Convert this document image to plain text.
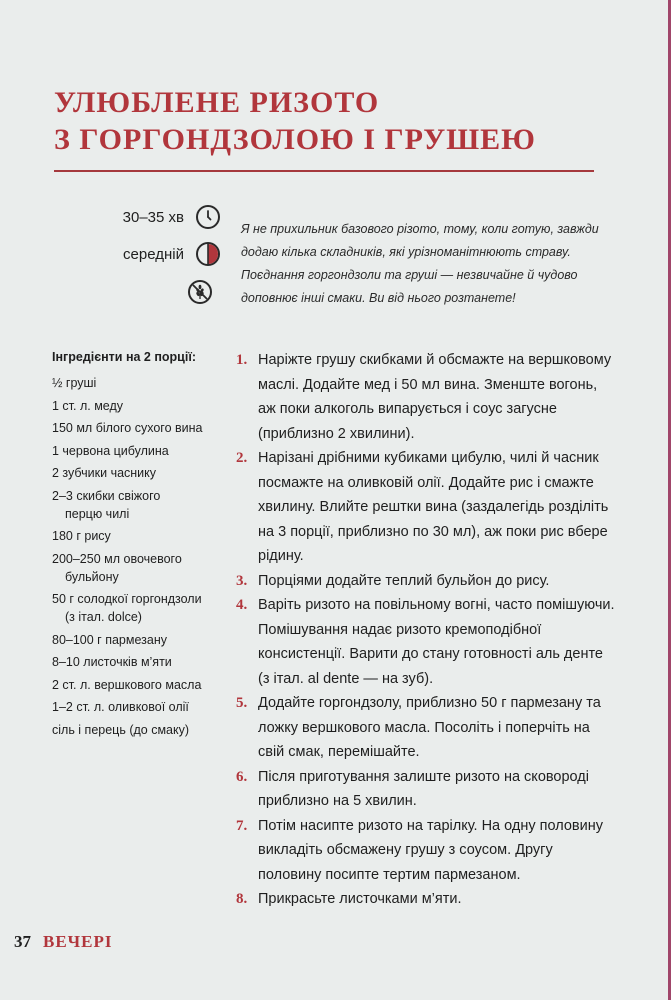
УЛЮБЛЕНЕ РИЗОТО
З ГОРГОНДЗОЛОЮ І ГРУШЕЮ
30–35 хв
середній

Я не прихильник базового різото, тому, коли готую, завжди додаю кілька складників, які урізноманітнюють страву. Поєднання горгондзоли та груші — незвичайне й чудово доповнює інші смаки. Ви від нього розтанете!

Інгредієнти на 2 порції:
½ груші
1 ст. л. меду
150 мл білого сухого вина
1 червона цибулина
2 зубчики часнику
2–3 скибки свіжого
перцю чилі
180 г рису
200–250 мл овочевого
бульйону
50 г солодкої горгондзоли
(з італ. dolce)
80–100 г пармезану
8–10 листочків м’яти
2 ст. л. вершкового масла
1–2 ст. л. оливкової олії
сіль і перець (до смаку)
1. Наріжте грушу скибками й обсмажте на вершковому маслі. Додайте мед і 50 мл вина. Зменште вогонь, аж поки алкоголь випарується і соус загусне (приблизно 2 хвилини).
2. Нарізані дрібними кубиками цибулю, чилі й часник посмажте на оливковій олії. Додайте рис і смажте хвилину. Влийте рештки вина (заздалегідь розділіть на 3 порції, приблизно по 30 мл), аж поки рис вбере рідину.
3. Порціями додайте теплий бульйон до рису.
4. Варіть ризото на повільному вогні, часто помішуючи. Помішування надає ризото кремоподібної консистенції. Варити до стану готовності аль денте (з італ. al dente — на зуб).
5. Додайте горгондзолу, приблизно 50 г пармезану та ложку вершкового масла. Посоліть і поперчіть на свій смак, перемішайте.
6. Після приготування залиште ризото на сковороді приблизно на 5 хвилин.
7. Потім насипте ризото на тарілку. На одну половину викладіть обсмажену грушу з соусом. Другу половину посипте тертим пармезаном.
8. Прикрасьте листочками м’яти.
37 ВЕЧЕРІ
